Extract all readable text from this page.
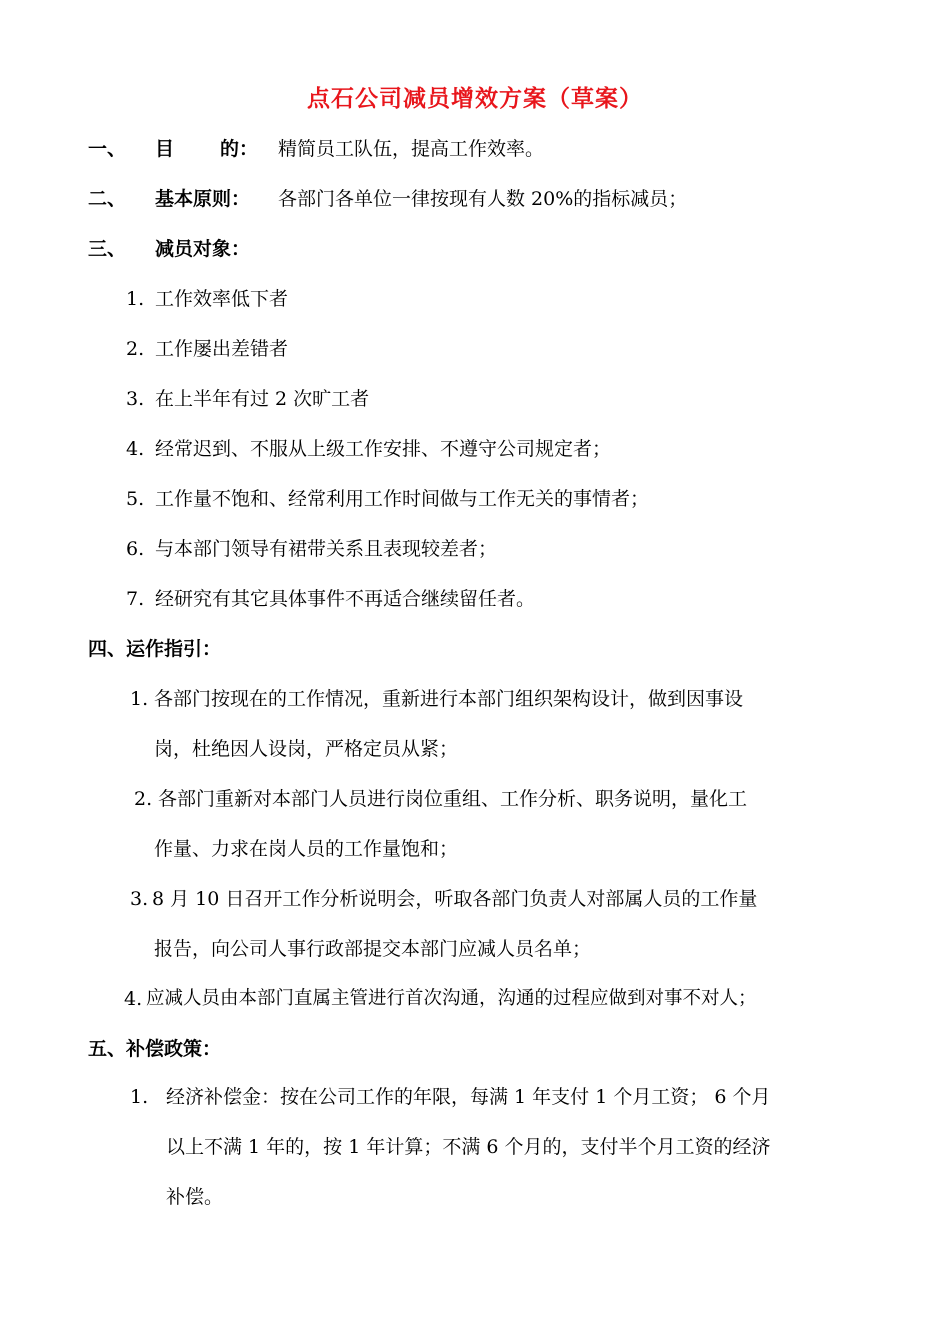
点石公司减员增效方案（草案）
一、 目 的： 精简员工队伍，提高工作效率。
二、 基本原则： 各部门各单位一律按现有人数 20%的指标减员；
三、 减员对象：
1. 工作效率低下者
2. 工作屡出差错者
3. 在上半年有过 2 次旷工者
4. 经常迟到、不服从上级工作安排、不遵守公司规定者；
5. 工作量不饱和、经常利用工作时间做与工作无关的事情者；
6. 与本部门领导有裙带关系且表现较差者；
7. 经研究有其它具体事件不再适合继续留任者。
四、运作指引：
1. 各部门按现在的工作情况，重新进行本部门组织架构设计，做到因事设
岗，杜绝因人设岗，严格定员从紧；
2. 各部门重新对本部门人员进行岗位重组、工作分析、职务说明，量化工
作量、力求在岗人员的工作量饱和；
3. 8 月 10 日召开工作分析说明会，听取各部门负责人对部属人员的工作量
报告，向公司人事行政部提交本部门应减人员名单；
4. 应减人员由本部门直属主管进行首次沟通，沟通的过程应做到对事不对人；
五、补偿政策：
1. 经济补偿金：按在公司工作的年限，每满 1 年支付 1 个月工资； 6 个月
以上不满 1 年的，按 1 年计算；不满 6 个月的，支付半个月工资的经济
补偿。
